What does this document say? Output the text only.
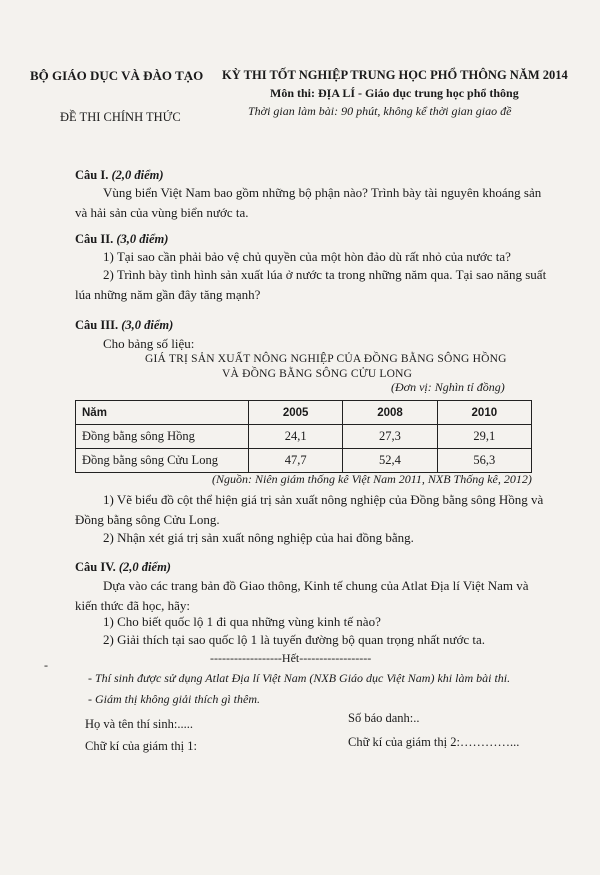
BỘ GIÁO DỤC VÀ ĐÀO TẠO
ĐỀ THI CHÍNH THỨC
KỲ THI TỐT NGHIỆP TRUNG HỌC PHỔ THÔNG NĂM 2014
Môn thi: ĐỊA LÍ - Giáo dục trung học phổ thông
Thời gian làm bài: 90 phút, không kể thời gian giao đề
Câu I. (2,0 điểm)
Vùng biển Việt Nam bao gồm những bộ phận nào? Trình bày tài nguyên khoáng sản và hải sản của vùng biển nước ta.
Câu II. (3,0 điểm)
1) Tại sao cần phải bảo vệ chủ quyền của một hòn đảo dù rất nhỏ của nước ta?
2) Trình bày tình hình sản xuất lúa ở nước ta trong những năm qua. Tại sao năng suất lúa những năm gần đây tăng mạnh?
Câu III. (3,0 điểm)
Cho bảng số liệu:
GIÁ TRỊ SẢN XUẤT NÔNG NGHIỆP CỦA ĐỒNG BẰNG SÔNG HỒNG
VÀ ĐỒNG BẰNG SÔNG CỬU LONG
(Đơn vị: Nghìn tỉ đồng)
Năm	2005	2008	2010
Đồng bằng sông Hồng	24,1	27,3	29,1
Đồng bằng sông Cửu Long	47,7	52,4	56,3
(Nguồn: Niên giám thống kê Việt Nam 2011, NXB Thống kê, 2012)
1) Vẽ biểu đồ cột thể hiện giá trị sản xuất nông nghiệp của Đồng bằng sông Hồng và Đồng bằng sông Cửu Long.
2) Nhận xét giá trị sản xuất nông nghiệp của hai đồng bằng.
Câu IV. (2,0 điểm)
Dựa vào các trang bản đồ Giao thông, Kinh tế chung của Atlat Địa lí Việt Nam và kiến thức đã học, hãy:
1) Cho biết quốc lộ 1 đi qua những vùng kinh tế nào?
2) Giải thích tại sao quốc lộ 1 là tuyến đường bộ quan trọng nhất nước ta.
-	------------------Hết------------------
- Thí sinh được sử dụng Atlat Địa lí Việt Nam (NXB Giáo dục Việt Nam) khi làm bài thi.
- Giám thị không giải thích gì thêm.
Họ và tên thí sinh:.....	Số báo danh:..
Chữ kí của giám thị 1:	Chữ kí của giám thị 2:…………...
